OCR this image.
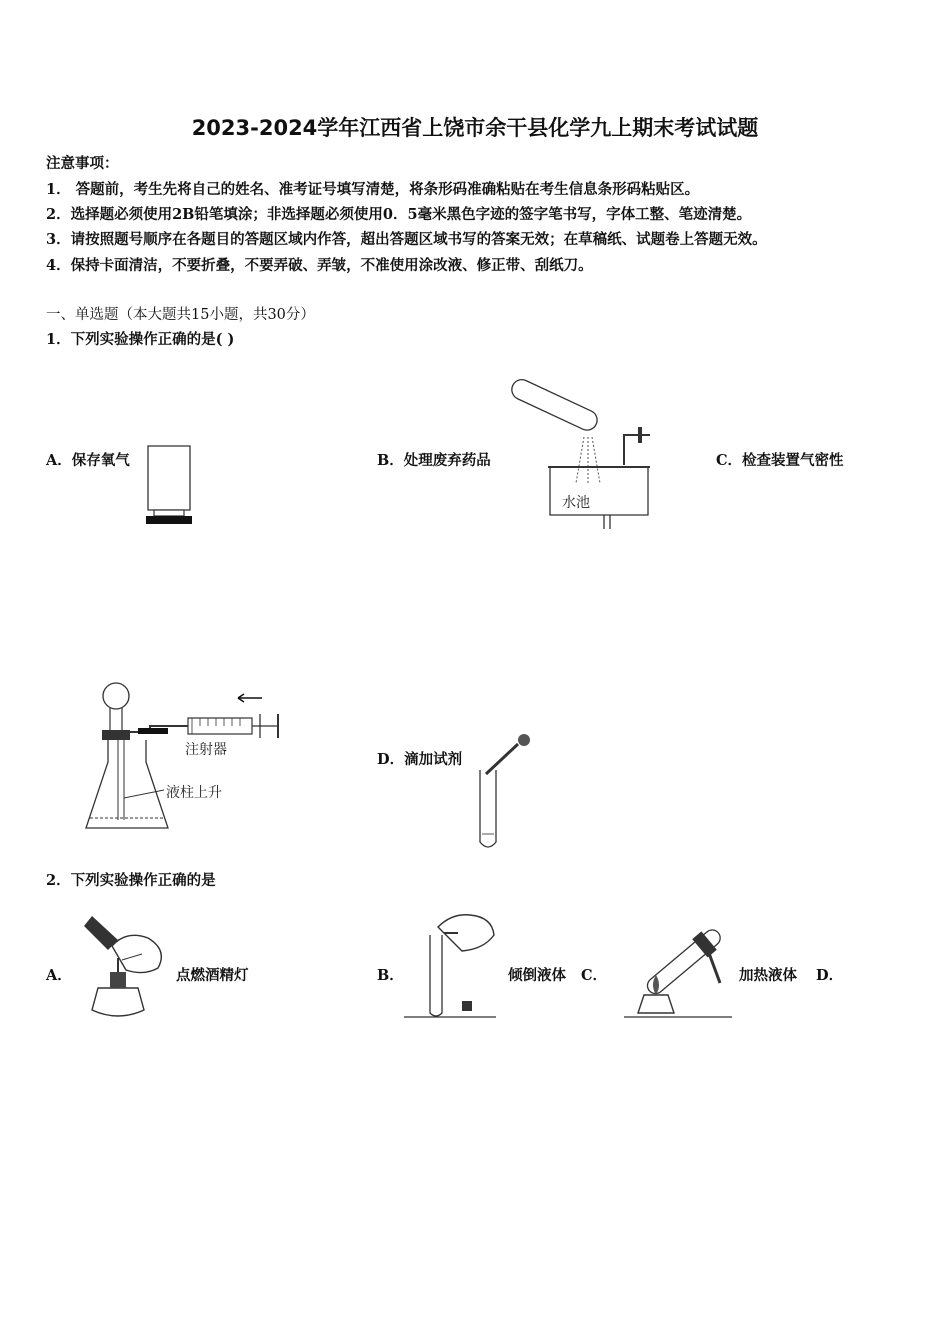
2023-2024学年江西省上饶市余干县化学九上期末考试试题
注意事项：
1． 答题前，考生先将自己的姓名、准考证号填写清楚，将条形码准确粘贴在考生信息条形码粘贴区。
2．选择题必须使用2B铅笔填涂；非选择题必须使用0．5毫米黑色字迹的签字笔书写，字体工整、笔迹清楚。
3．请按照题号顺序在各题目的答题区域内作答，超出答题区域书写的答案无效；在草稿纸、试题卷上答题无效。
4．保持卡面清洁，不要折叠，不要弄破、弄皱，不准使用涂改液、修正带、刮纸刀。
一、单选题（本大题共15小题，共30分）
1．下列实验操作正确的是( )
A．保存氧气	B．处理废弃药品	C．检查装置气密性
D．滴加试剂
水池
注射器
液柱上升
2．下列实验操作正确的是
A．	点燃酒精灯	B．	倾倒液体 C．	加热液体 D．
